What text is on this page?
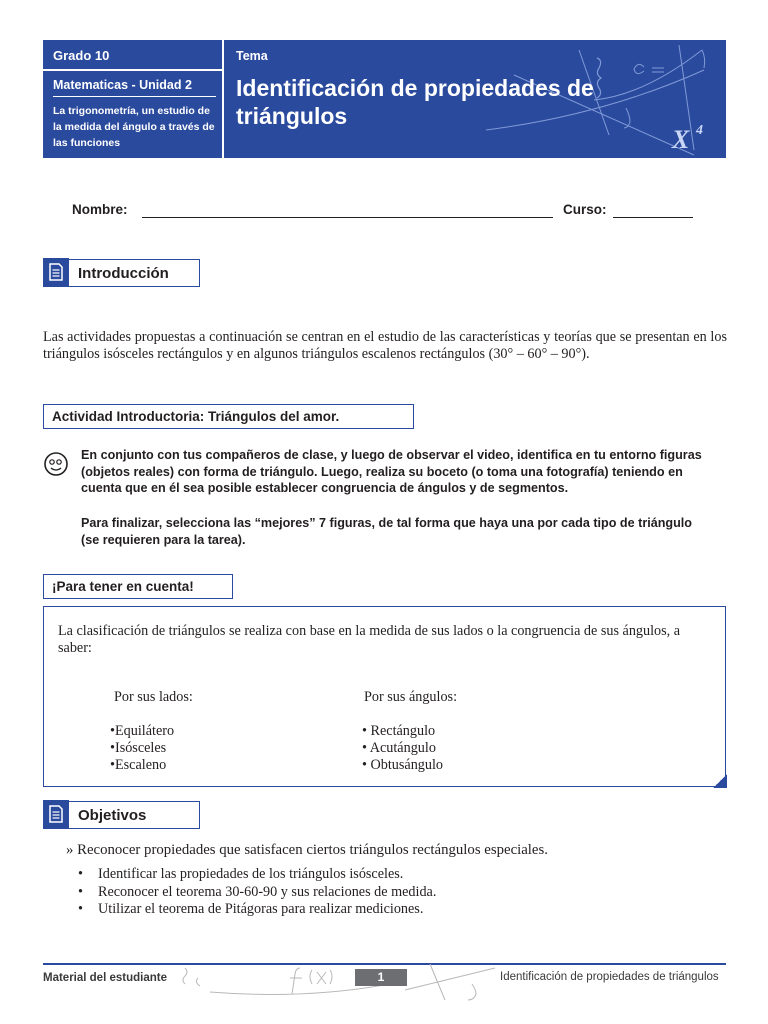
Grado 10
Matematicas - Unidad 2
La trigonometría, un estudio de la medida del ángulo a través de las funciones	X 4
Tema
Identificación de propiedades de triángulos
Nombre:	Curso:
Introducción

Las actividades propuestas a continuación se centran en el estudio de las características y teorías que se presentan en los triángulos isósceles rectángulos y en algunos triángulos escalenos rectángulos (30° – 60° – 90°).

Actividad Introductoria: Triángulos del amor.

En conjunto con tus compañeros de clase, y luego de observar el video, identifica en tu entorno figuras (objetos reales) con forma de triángulo. Luego, realiza su boceto (o toma una fotografía) teniendo en cuenta que en él sea posible establecer congruencia de ángulos y de segmentos.

Para finalizar, selecciona las “mejores” 7 figuras, de tal forma que haya una por cada tipo de triángulo (se requieren para la tarea).

¡Para tener en cuenta!

La clasificación de triángulos se realiza con base en la medida de sus lados o la congruencia de sus ángulos, a saber:

Por sus lados:
•Equilátero
•Isósceles
•Escaleno
Por sus ángulos:
• Rectángulo
• Acutángulo
• Obtusángulo
Objetivos

» Reconocer propiedades que satisfacen ciertos triángulos rectángulos especiales.

• Identificar las propiedades de los triángulos isósceles.
• Reconocer el teorema 30-60-90 y sus relaciones de medida.
• Utilizar el teorema de Pitágoras para realizar mediciones.
Material del estudiante	1	Identificación de propiedades de triángulos
